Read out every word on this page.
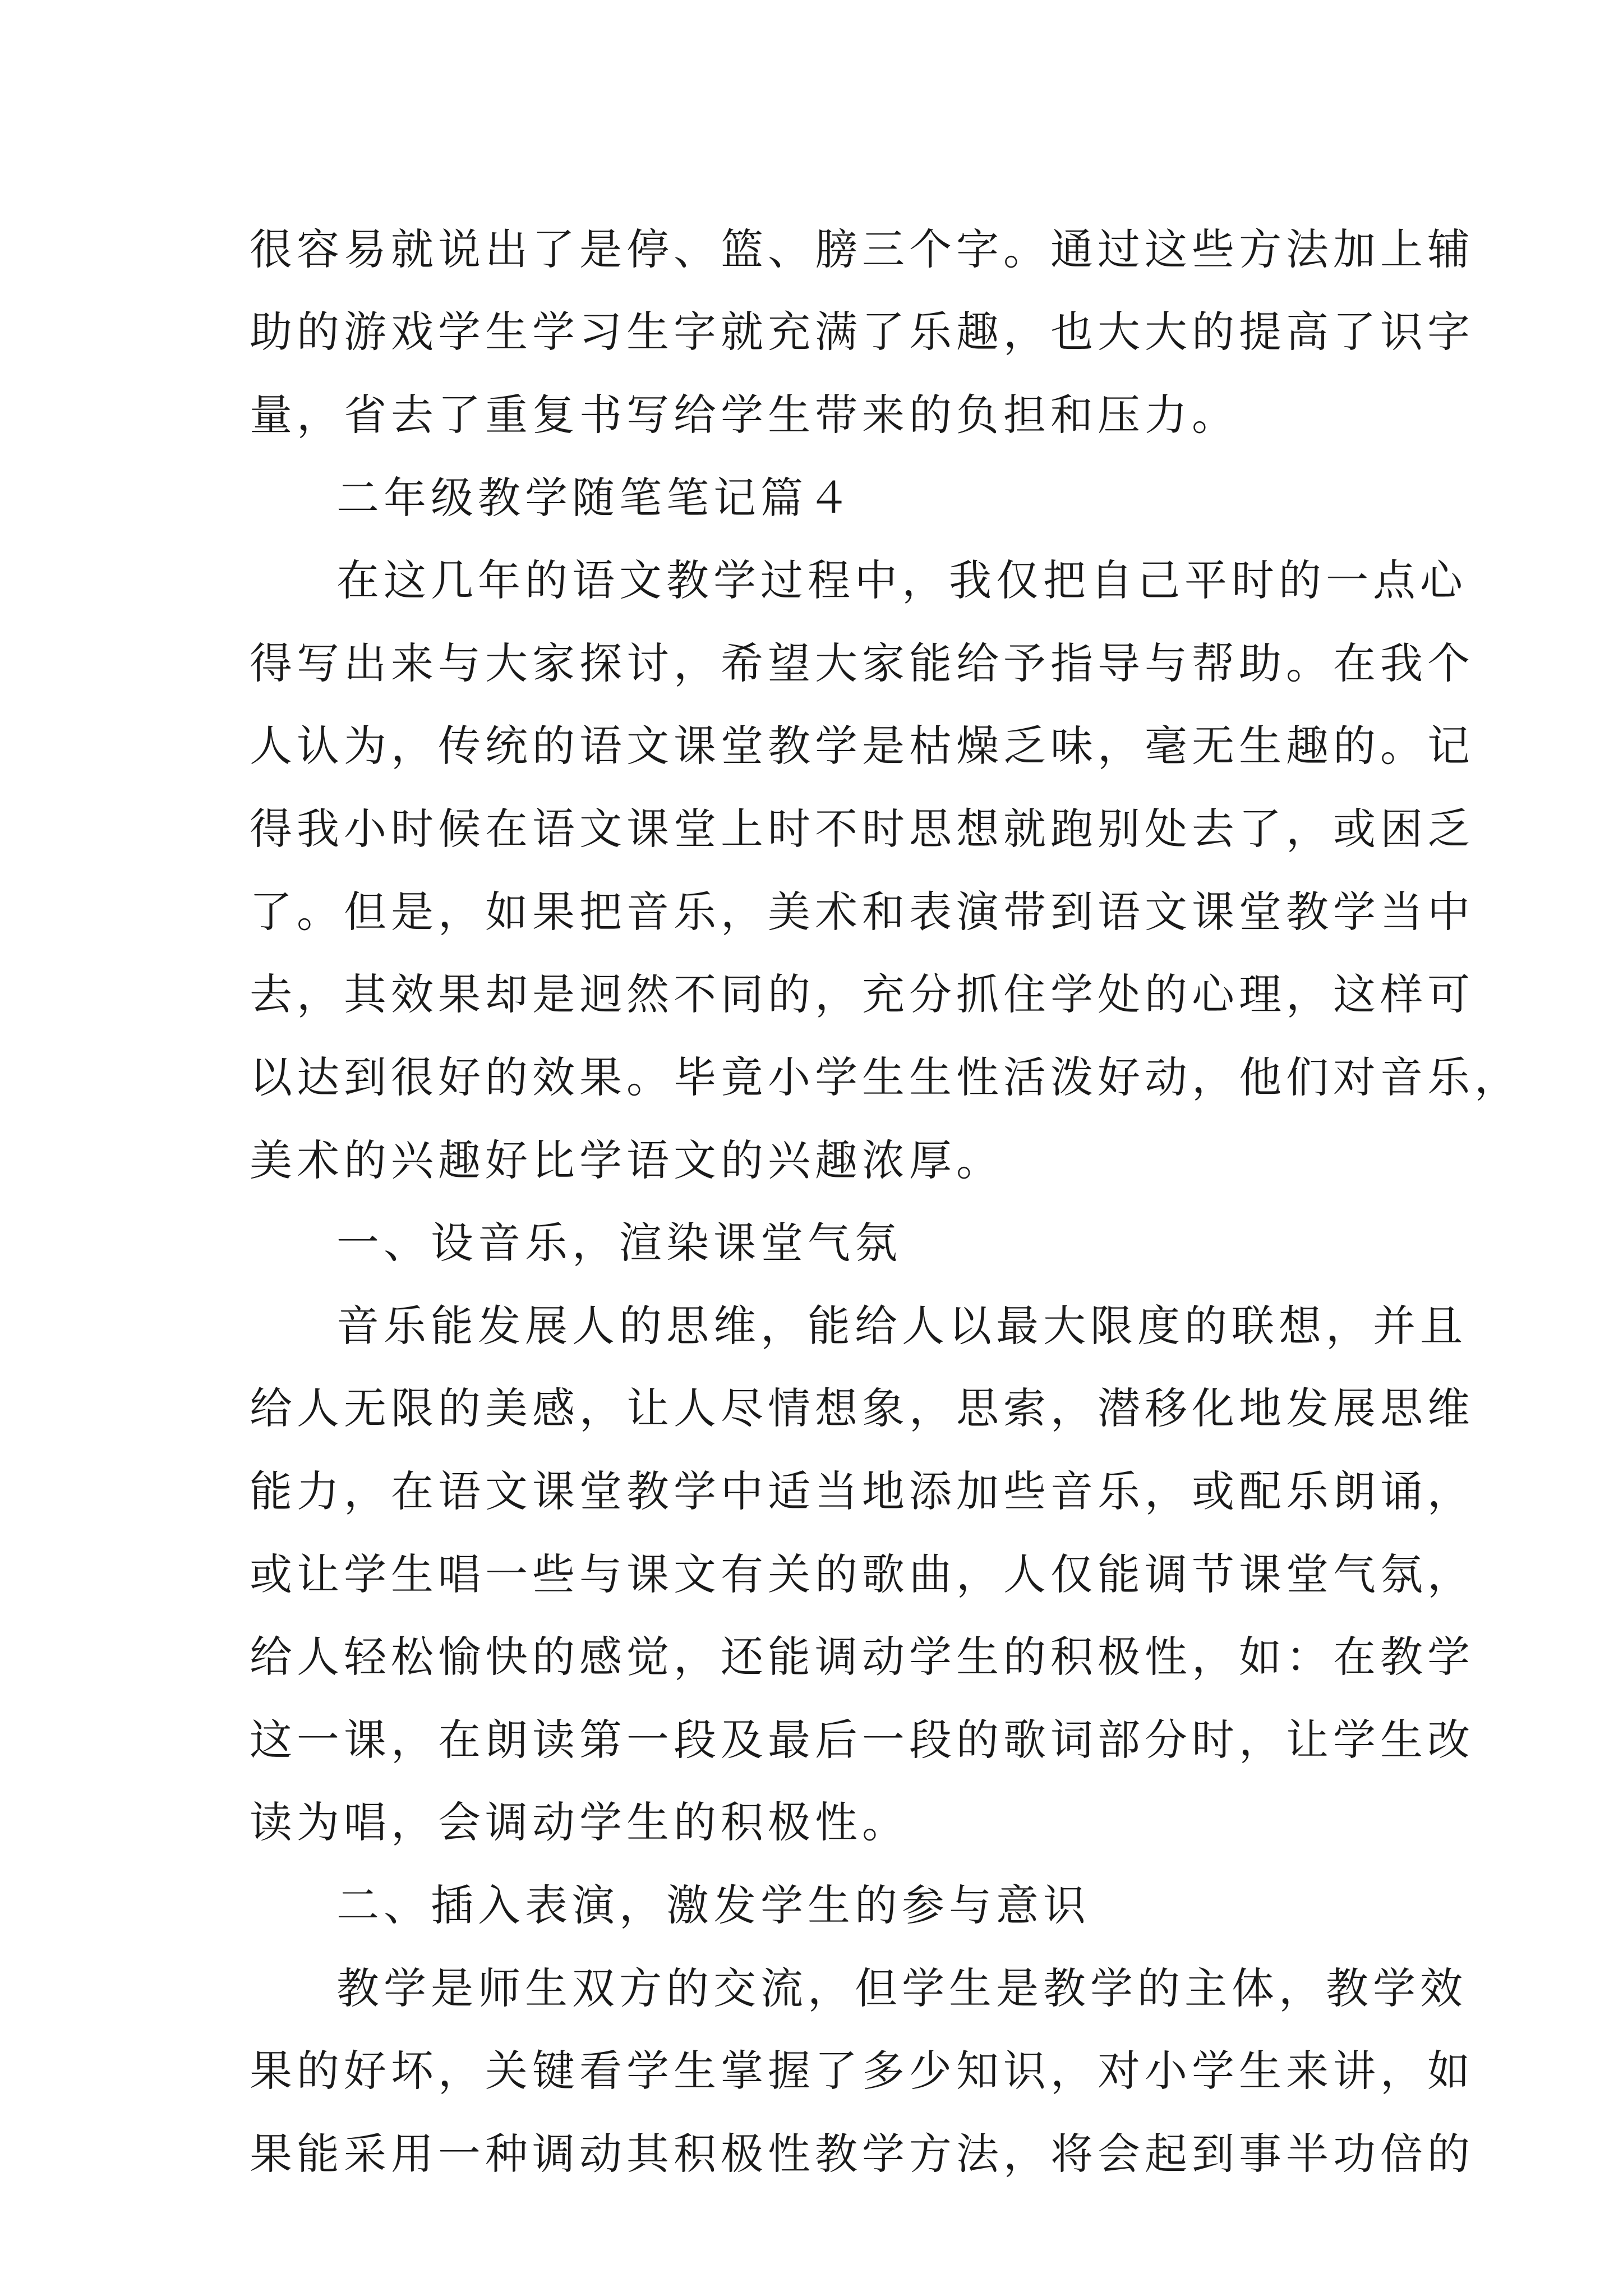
很容易就说出了是停、篮、膀三个字。通过这些方法加上辅
助的游戏学生学习生字就充满了乐趣，也大大的提高了识字
量，省去了重复书写给学生带来的负担和压力。
二年级教学随笔笔记篇４
在这几年的语文教学过程中，我仅把自己平时的一点心
得写出来与大家探讨，希望大家能给予指导与帮助。在我个
人认为，传统的语文课堂教学是枯燥乏味，毫无生趣的。记
得我小时候在语文课堂上时不时思想就跑别处去了，或困乏
了。但是，如果把音乐，美术和表演带到语文课堂教学当中
去，其效果却是迥然不同的，充分抓住学处的心理，这样可
以达到很好的效果。毕竟小学生生性活泼好动，他们对音乐，
美术的兴趣好比学语文的兴趣浓厚。
一、设音乐，渲染课堂气氛
音乐能发展人的思维，能给人以最大限度的联想，并且
给人无限的美感，让人尽情想象，思索，潜移化地发展思维
能力，在语文课堂教学中适当地添加些音乐，或配乐朗诵，
或让学生唱一些与课文有关的歌曲，人仅能调节课堂气氛，
给人轻松愉快的感觉，还能调动学生的积极性，如：在教学
这一课，在朗读第一段及最后一段的歌词部分时，让学生改
读为唱，会调动学生的积极性。
二、插入表演，激发学生的参与意识
教学是师生双方的交流，但学生是教学的主体，教学效
果的好坏，关键看学生掌握了多少知识，对小学生来讲，如
果能采用一种调动其积极性教学方法，将会起到事半功倍的
